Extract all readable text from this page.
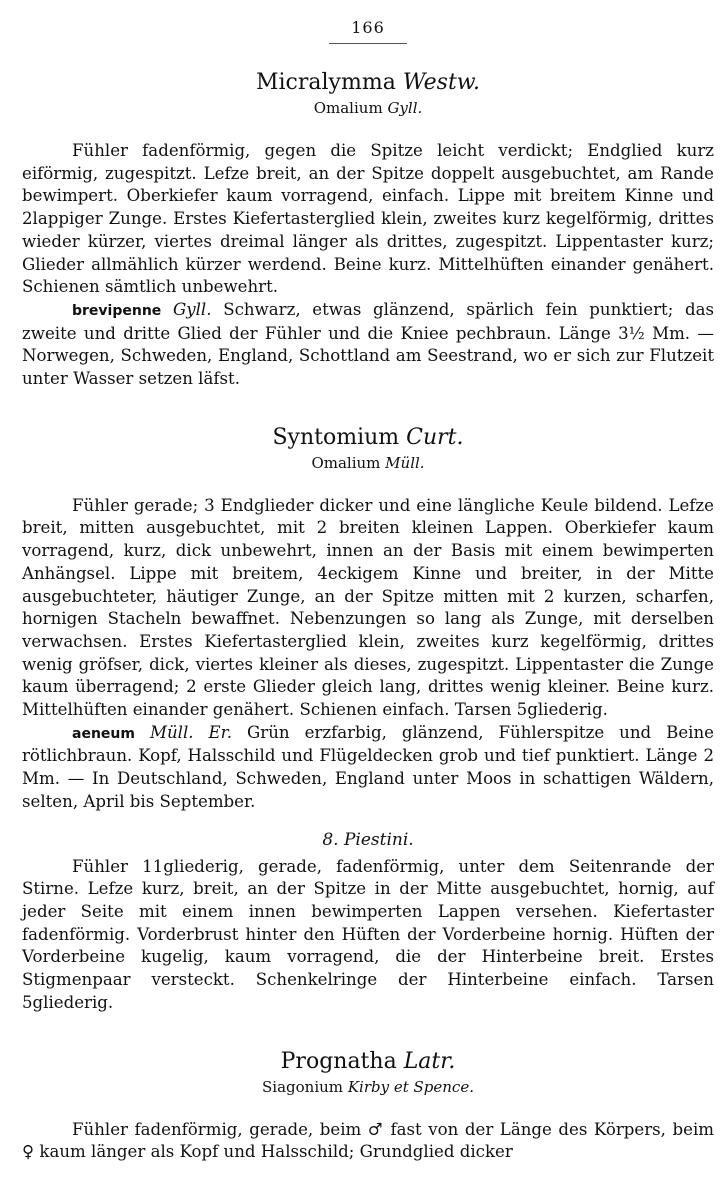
166
Micralymma Westw.
Omalium Gyll.

Fühler fadenförmig, gegen die Spitze leicht verdickt; Endglied kurz eiförmig, zugespitzt. Lefze breit, an der Spitze doppelt ausgebuchtet, am Rande bewimpert. Oberkiefer kaum vorragend, einfach. Lippe mit breitem Kinne und 2lappiger Zunge. Erstes Kiefertasterglied klein, zweites kurz kegelförmig, drittes wieder kürzer, viertes dreimal länger als drittes, zugespitzt. Lippentaster kurz; Glieder allmählich kürzer werdend. Beine kurz. Mittelhüften einander genähert. Schienen sämtlich unbewehrt.

brevipenne Gyll. Schwarz, etwas glänzend, spärlich fein punktiert; das zweite und dritte Glied der Fühler und die Kniee pechbraun. Länge 3½ Mm. — Norwegen, Schweden, England, Schottland am Seestrand, wo er sich zur Flutzeit unter Wasser setzen läfst.

Syntomium Curt.
Omalium Müll.

Fühler gerade; 3 Endglieder dicker und eine längliche Keule bildend. Lefze breit, mitten ausgebuchtet, mit 2 breiten kleinen Lappen. Oberkiefer kaum vorragend, kurz, dick unbewehrt, innen an der Basis mit einem bewimperten Anhängsel. Lippe mit breitem, 4eckigem Kinne und breiter, in der Mitte ausgebuchteter, häutiger Zunge, an der Spitze mitten mit 2 kurzen, scharfen, hornigen Stacheln bewaffnet. Nebenzungen so lang als Zunge, mit derselben verwachsen. Erstes Kiefertasterglied klein, zweites kurz kegelförmig, drittes wenig gröfser, dick, viertes kleiner als dieses, zugespitzt. Lippentaster die Zunge kaum überragend; 2 erste Glieder gleich lang, drittes wenig kleiner. Beine kurz. Mittelhüften einander genähert. Schienen einfach. Tarsen 5gliederig.

aeneum Müll. Er. Grün erzfarbig, glänzend, Fühlerspitze und Beine rötlichbraun. Kopf, Halsschild und Flügeldecken grob und tief punktiert. Länge 2 Mm. — In Deutschland, Schweden, England unter Moos in schattigen Wäldern, selten, April bis September.

8. Piestini.

Fühler 11gliederig, gerade, fadenförmig, unter dem Seitenrande der Stirne. Lefze kurz, breit, an der Spitze in der Mitte ausgebuchtet, hornig, auf jeder Seite mit einem innen bewimperten Lappen versehen. Kiefertaster fadenförmig. Vorderbrust hinter den Hüften der Vorderbeine hornig. Hüften der Vorderbeine kugelig, kaum vorragend, die der Hinterbeine breit. Erstes Stigmenpaar versteckt. Schenkelringe der Hinterbeine einfach. Tarsen 5gliederig.

Prognatha Latr.
Siagonium Kirby et Spence.

Fühler fadenförmig, gerade, beim ♂ fast von der Länge des Körpers, beim ♀ kaum länger als Kopf und Halsschild; Grundglied dicker
